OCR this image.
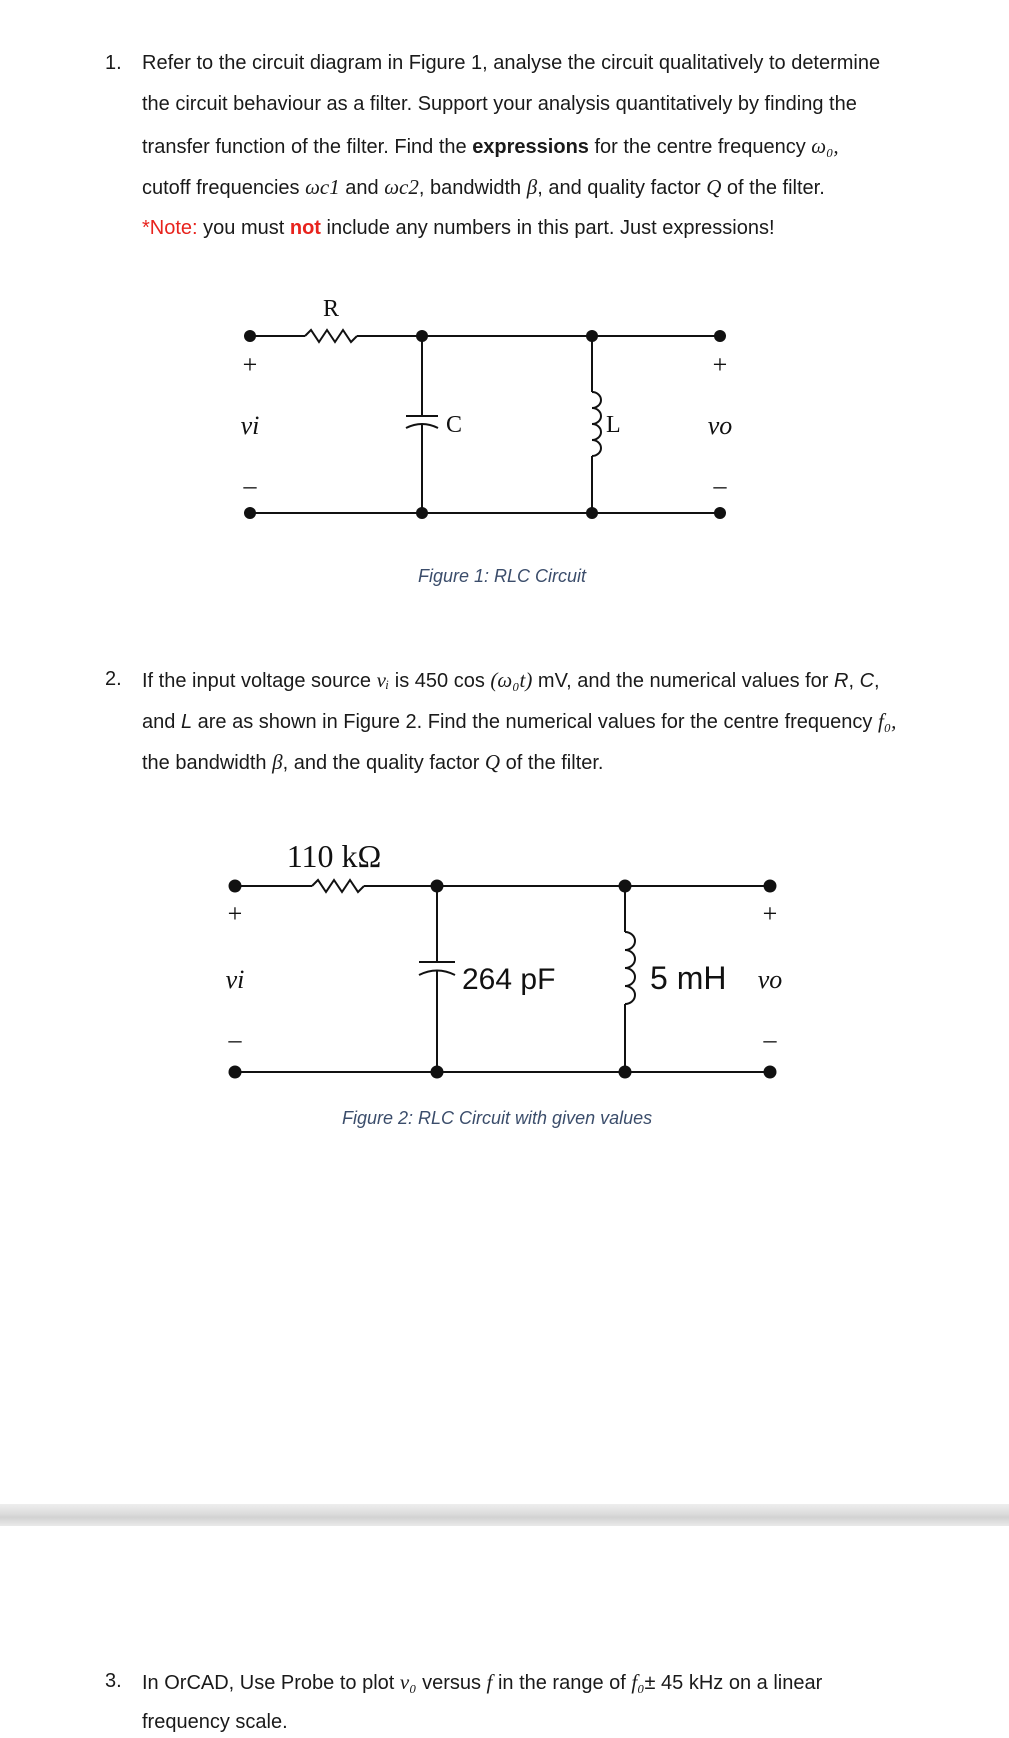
1. Refer to the circuit diagram in Figure 1, analyse the circuit qualitatively to determine
the circuit behaviour as a filter. Support your analysis quantitatively by finding the
transfer function of the filter. Find the expressions for the centre frequency ω₀,
cutoff frequencies ωc1 and ωc2, bandwidth β, and quality factor Q of the filter.
*Note: you must not include any numbers in this part. Just expressions!
R
C	L
+
–
vi
+
–
vo
Figure 1: RLC Circuit
2. If the input voltage source vᵢ is 450 cos (ω₀t) mV, and the numerical values for R, C,
and L are as shown in Figure 2. Find the numerical values for the centre frequency f₀,
the bandwidth β, and the quality factor Q of the filter.
110 kΩ
264 pF	5 mH
+
–
vi
+
–
vo
Figure 2: RLC Circuit with given values
3. In OrCAD, Use Probe to plot v₀ versus f in the range of f₀± 45 kHz on a linear
frequency scale.
